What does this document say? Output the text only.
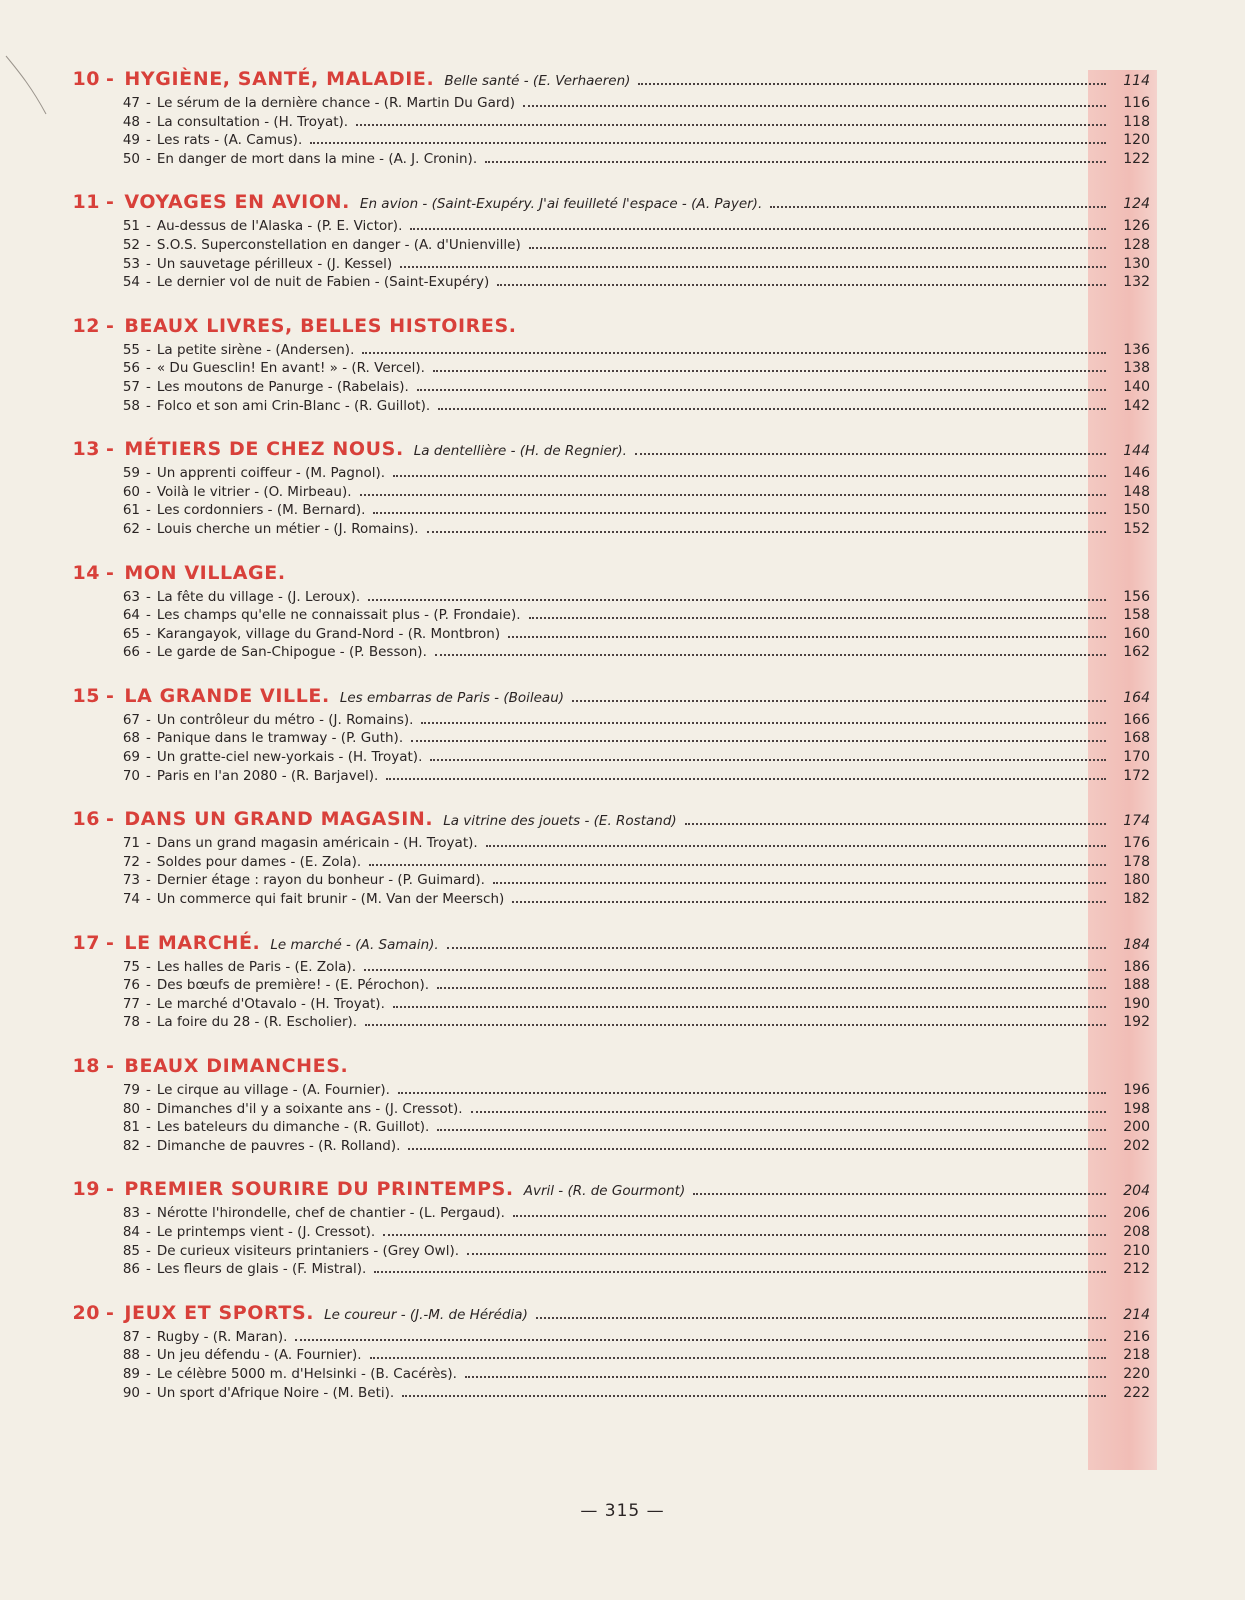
10 - HYGIÈNE, SANTÉ, MALADIE. Belle santé - (E. Verhaeren)	114
47 - Le sérum de la dernière chance - (R. Martin Du Gard)	116
48 - La consultation - (H. Troyat).	118
49 - Les rats - (A. Camus).	120
50 - En danger de mort dans la mine - (A. J. Cronin).	122
11 - VOYAGES EN AVION. En avion - (Saint-Exupéry. J'ai feuilleté l'espace - (A. Payer).	124
51 - Au-dessus de l'Alaska - (P. E. Victor).	126
52 - S.O.S. Superconstellation en danger - (A. d'Unienville)	128
53 - Un sauvetage périlleux - (J. Kessel)	130
54 - Le dernier vol de nuit de Fabien - (Saint-Exupéry)	132
12 - BEAUX LIVRES, BELLES HISTOIRES.
55 - La petite sirène - (Andersen).	136
56 - « Du Guesclin! En avant! » - (R. Vercel).	138
57 - Les moutons de Panurge - (Rabelais).	140
58 - Folco et son ami Crin-Blanc - (R. Guillot).	142
13 - MÉTIERS DE CHEZ NOUS. La dentellière - (H. de Regnier).	144
59 - Un apprenti coiffeur - (M. Pagnol).	146
60 - Voilà le vitrier - (O. Mirbeau).	148
61 - Les cordonniers - (M. Bernard).	150
62 - Louis cherche un métier - (J. Romains).	152
14 - MON VILLAGE.
63 - La fête du village - (J. Leroux).	156
64 - Les champs qu'elle ne connaissait plus - (P. Frondaie).	158
65 - Karangayok, village du Grand-Nord - (R. Montbron)	160
66 - Le garde de San-Chipogue - (P. Besson).	162
15 - LA GRANDE VILLE. Les embarras de Paris - (Boileau)	164
67 - Un contrôleur du métro - (J. Romains).	166
68 - Panique dans le tramway - (P. Guth).	168
69 - Un gratte-ciel new-yorkais - (H. Troyat).	170
70 - Paris en l'an 2080 - (R. Barjavel).	172
16 - DANS UN GRAND MAGASIN. La vitrine des jouets - (E. Rostand)	174
71 - Dans un grand magasin américain - (H. Troyat).	176
72 - Soldes pour dames - (E. Zola).	178
73 - Dernier étage : rayon du bonheur - (P. Guimard).	180
74 - Un commerce qui fait brunir - (M. Van der Meersch)	182
17 - LE MARCHÉ. Le marché - (A. Samain).	184
75 - Les halles de Paris - (E. Zola).	186
76 - Des bœufs de première! - (E. Pérochon).	188
77 - Le marché d'Otavalo - (H. Troyat).	190
78 - La foire du 28 - (R. Escholier).	192
18 - BEAUX DIMANCHES.
79 - Le cirque au village - (A. Fournier).	196
80 - Dimanches d'il y a soixante ans - (J. Cressot).	198
81 - Les bateleurs du dimanche - (R. Guillot).	200
82 - Dimanche de pauvres - (R. Rolland).	202
19 - PREMIER SOURIRE DU PRINTEMPS. Avril - (R. de Gourmont)	204
83 - Nérotte l'hirondelle, chef de chantier - (L. Pergaud).	206
84 - Le printemps vient - (J. Cressot).	208
85 - De curieux visiteurs printaniers - (Grey Owl).	210
86 - Les fleurs de glais - (F. Mistral).	212
20 - JEUX ET SPORTS. Le coureur - (J.-M. de Hérédia)	214
87 - Rugby - (R. Maran).	216
88 - Un jeu défendu - (A. Fournier).	218
89 - Le célèbre 5000 m. d'Helsinki - (B. Cacérès).	220
90 - Un sport d'Afrique Noire - (M. Beti).	222
— 315 —
